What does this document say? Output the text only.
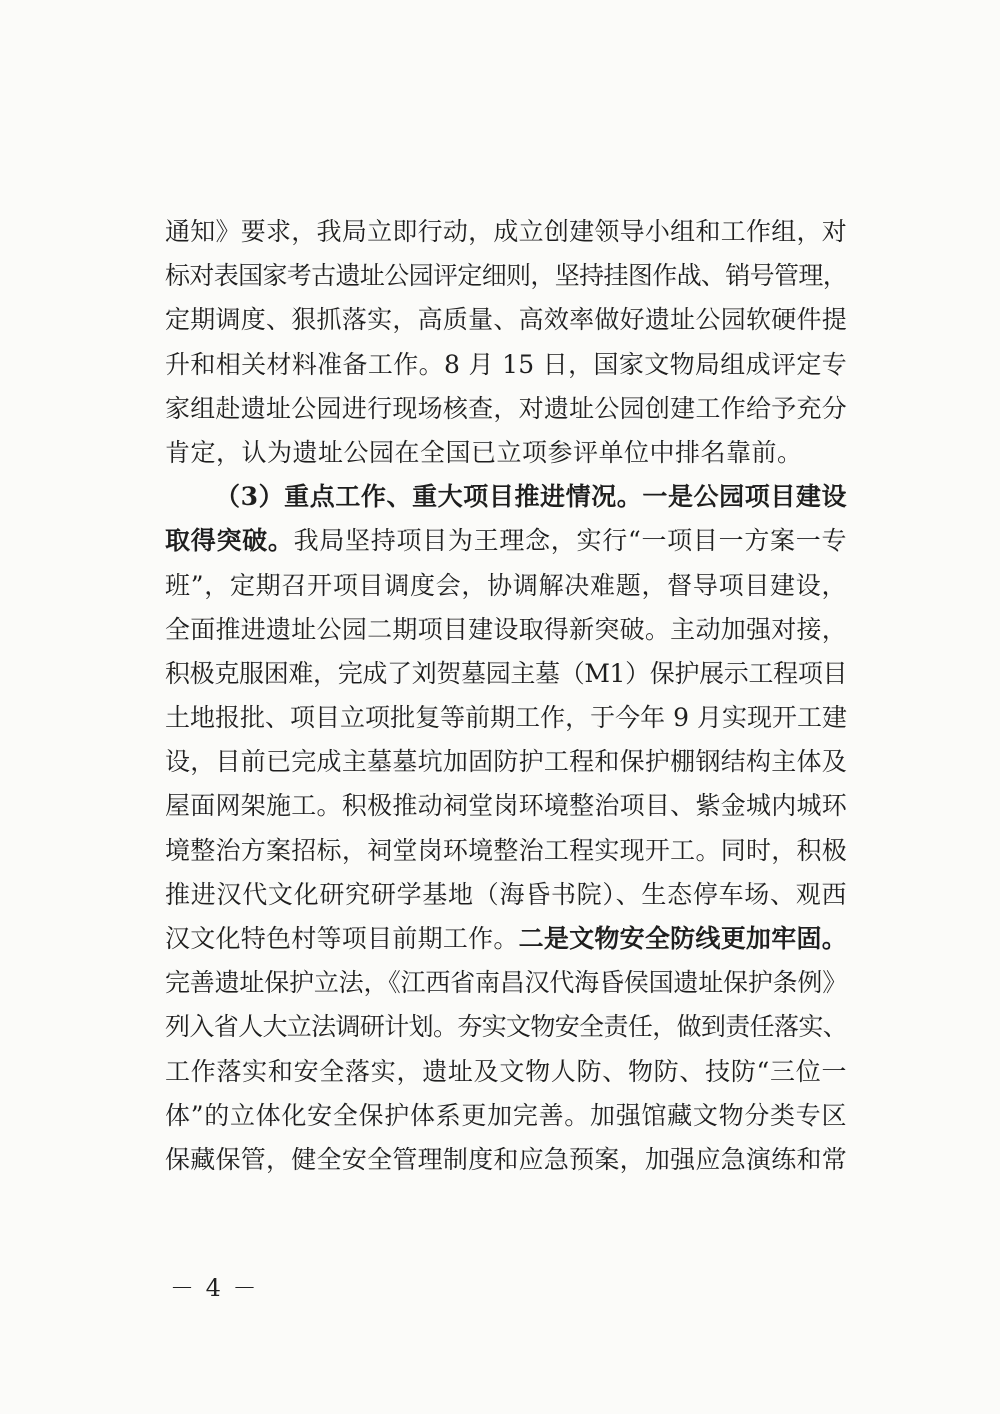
通知》要求，我局立即行动，成立创建领导小组和工作组，对
标对表国家考古遗址公园评定细则，坚持挂图作战、销号管理，
定期调度、狠抓落实，高质量、高效率做好遗址公园软硬件提
升和相关材料准备工作。8 月 15 日，国家文物局组成评定专
家组赴遗址公园进行现场核查，对遗址公园创建工作给予充分
肯定，认为遗址公园在全国已立项参评单位中排名靠前。
（3）重点工作、重大项目推进情况。一是公园项目建设
取得突破。我局坚持项目为王理念，实行“一项目一方案一专
班”，定期召开项目调度会，协调解决难题，督导项目建设，
全面推进遗址公园二期项目建设取得新突破。主动加强对接，
积极克服困难，完成了刘贺墓园主墓（M1）保护展示工程项目
土地报批、项目立项批复等前期工作，于今年 9 月实现开工建
设，目前已完成主墓墓坑加固防护工程和保护棚钢结构主体及
屋面网架施工。积极推动祠堂岗环境整治项目、紫金城内城环
境整治方案招标，祠堂岗环境整治工程实现开工。同时，积极
推进汉代文化研究研学基地（海昏书院）、生态停车场、观西
汉文化特色村等项目前期工作。二是文物安全防线更加牢固。
完善遗址保护立法，《江西省南昌汉代海昏侯国遗址保护条例》
列入省人大立法调研计划。夯实文物安全责任，做到责任落实、
工作落实和安全落实，遗址及文物人防、物防、技防“三位一
体”的立体化安全保护体系更加完善。加强馆藏文物分类专区
保藏保管，健全安全管理制度和应急预案，加强应急演练和常
－ 4 －
